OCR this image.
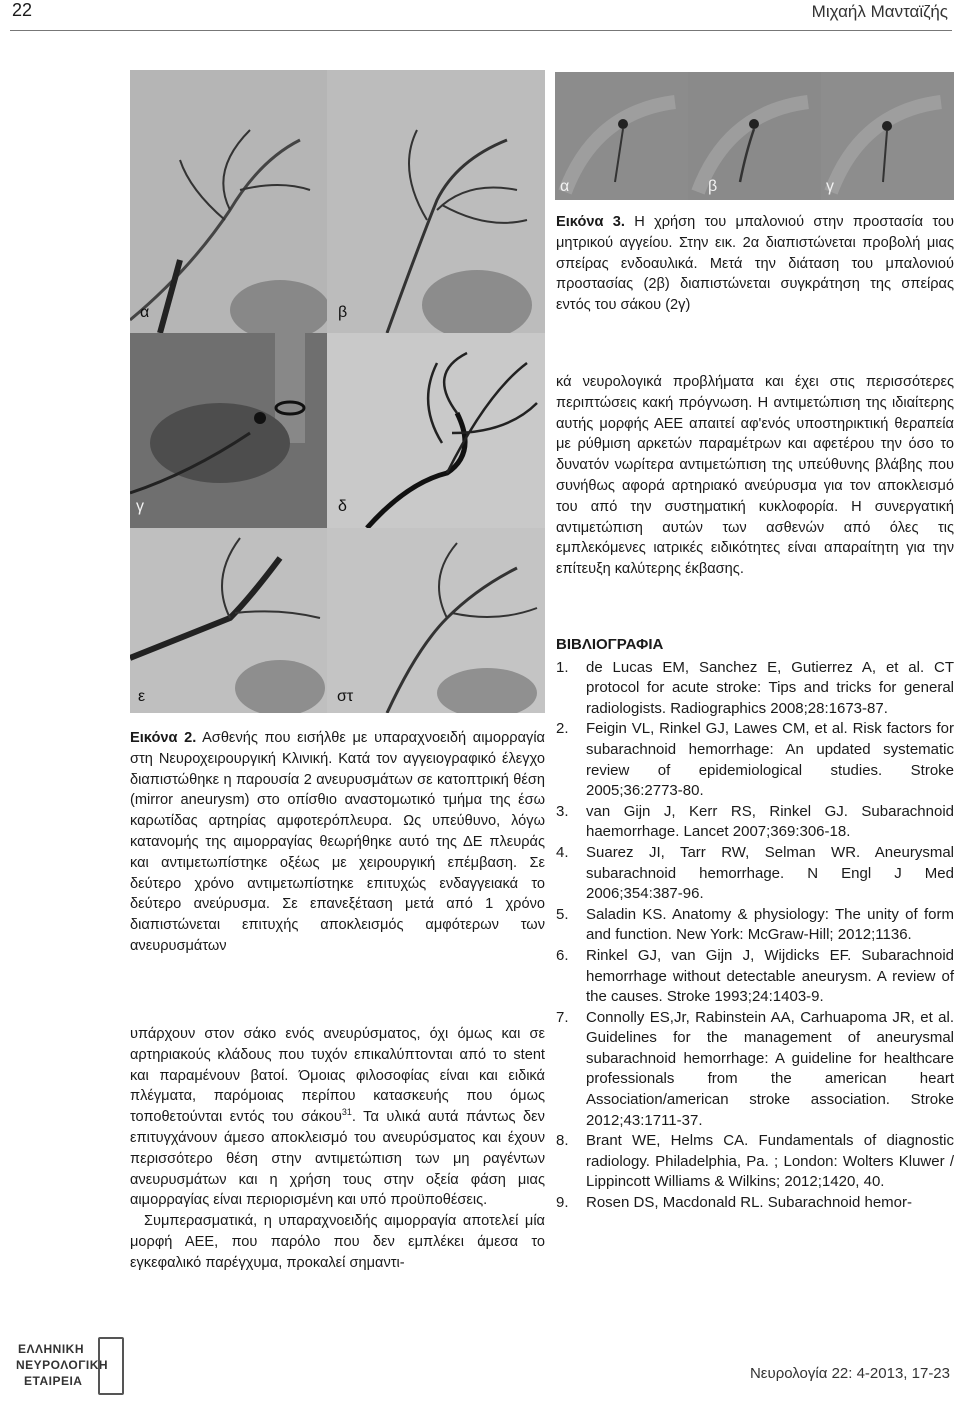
22	Μιχαήλ Μανταϊζής
α	β	γ

Εικόνα 3. Η χρήση του μπαλονιού στην προστασία του μητρικού αγγείου. Στην εικ. 2α διαπιστώνεται προβολή μιας σπείρας ενδοαυλικά. Μετά την διάταση του μπαλονιού προστασίας (2β) διαπιστώνεται συγκράτηση της σπείρας εντός του σάκου (2γ)

α	β
γ	δ
ε	στ

Εικόνα 2. Ασθενής που εισήλθε με υπαραχνοειδή αιμορραγία στη Νευροχειρουργική Κλινική. Κατά τον αγγειογραφικό έλεγχο διαπιστώθηκε η παρουσία 2 ανευρυσμάτων σε κατοπτρική θέση (mirror aneurysm) στο οπίσθιο αναστομωτικό τμήμα της έσω καρωτίδας αρτηρίας αμφοτερόπλευρα. Ως υπεύθυνο, λόγω κατανομής της αιμορραγίας θεωρήθηκε αυτό της ΔΕ πλευράς και αντιμετωπίστηκε οξέως με χειρουργική επέμβαση. Σε δεύτερο χρόνο αντιμετωπίστηκε επιτυχώς ενδαγγειακά το δεύτερο ανεύρυσμα. Σε επανεξέταση μετά από 1 χρόνο διαπιστώνεται επιτυχής αποκλεισμός αμφότερων των ανευρυσμάτων

υπάρχουν στον σάκο ενός ανευρύσματος, όχι όμως και σε αρτηριακούς κλάδους που τυχόν επικαλύπτονται από το stent και παραμένουν βατοί. Όμοιας φιλοσοφίας είναι και ειδικά πλέγματα, παρόμοιας περίπου κατασκευής που όμως τοποθετούνται εντός του σάκου$^{31}$. Τα υλικά αυτά πάντως δεν επιτυγχάνουν άμεσο αποκλεισμό του ανευρύσματος και έχουν περισσότερο θέση στην αντιμετώπιση των μη ραγέντων ανευρυσμάτων και η χρήση τους στην οξεία φάση μιας αιμορραγίας είναι περιορισμένη και υπό προϋποθέσεις.

Συμπερασματικά, η υπαραχνοειδής αιμορραγία αποτελεί μία μορφή ΑΕΕ, που παρόλο που δεν εμπλέκει άμεσα το εγκεφαλικό παρέγχυμα, προκαλεί σημαντι-

κά νευρολογικά προβλήματα και έχει στις περισσότερες περιπτώσεις κακή πρόγνωση. Η αντιμετώπιση της ιδιαίτερης αυτής μορφής ΑΕΕ απαιτεί αφ'ενός υποστηρικτική θεραπεία με ρύθμιση αρκετών παραμέτρων και αφετέρου την όσο το δυνατόν νωρίτερα αντιμετώπιση της υπεύθυνης βλάβης που συνήθως αφορά αρτηριακό ανεύρυσμα για τον αποκλεισμό του από την συστηματική κυκλοφορία. Η συνεργατική αντιμετώπιση αυτών των ασθενών από όλες τις εμπλεκόμενες ιατρικές ειδικότητες είναι απαραίτητη για την επίτευξη καλύτερης έκβασης.

ΒΙΒΛΙΟΓΡΑΦΙΑ
1. de Lucas EM, Sanchez E, Gutierrez A, et al. CT protocol for acute stroke: Tips and tricks for general radiologists. Radiographics 2008;28:1673-87.
2. Feigin VL, Rinkel GJ, Lawes CM, et al. Risk factors for subarachnoid hemorrhage: An updated systematic review of epidemiological studies. Stroke 2005;36:2773-80.
3. van Gijn J, Kerr RS, Rinkel GJ. Subarachnoid haemorrhage. Lancet 2007;369:306-18.
4. Suarez JI, Tarr RW, Selman WR. Aneurysmal subarachnoid hemorrhage. N Engl J Med 2006;354:387-96.
5. Saladin KS. Anatomy & physiology: The unity of form and function. New York: McGraw-Hill; 2012;1136.
6. Rinkel GJ, van Gijn J, Wijdicks EF. Subarachnoid hemorrhage without detectable aneurysm. A review of the causes. Stroke 1993;24:1403-9.
7. Connolly ES,Jr, Rabinstein AA, Carhuapoma JR, et al. Guidelines for the management of aneurysmal subarachnoid hemorrhage: A guideline for healthcare professionals from the american heart Association/american stroke association. Stroke 2012;43:1711-37.
8. Brant WE, Helms CA. Fundamentals of diagnostic radiology. Philadelphia, Pa. ; London: Wolters Kluwer / Lippincott Williams & Wilkins; 2012;1420, 40.
9. Rosen DS, Macdonald RL. Subarachnoid hemor-
ΕΛΛΗΝΙΚΗ
ΝΕΥΡΟΛΟΓΙΚΗ
ΕΤΑΙΡΕΙΑ	Νευρολογία 22: 4-2013, 17-23
